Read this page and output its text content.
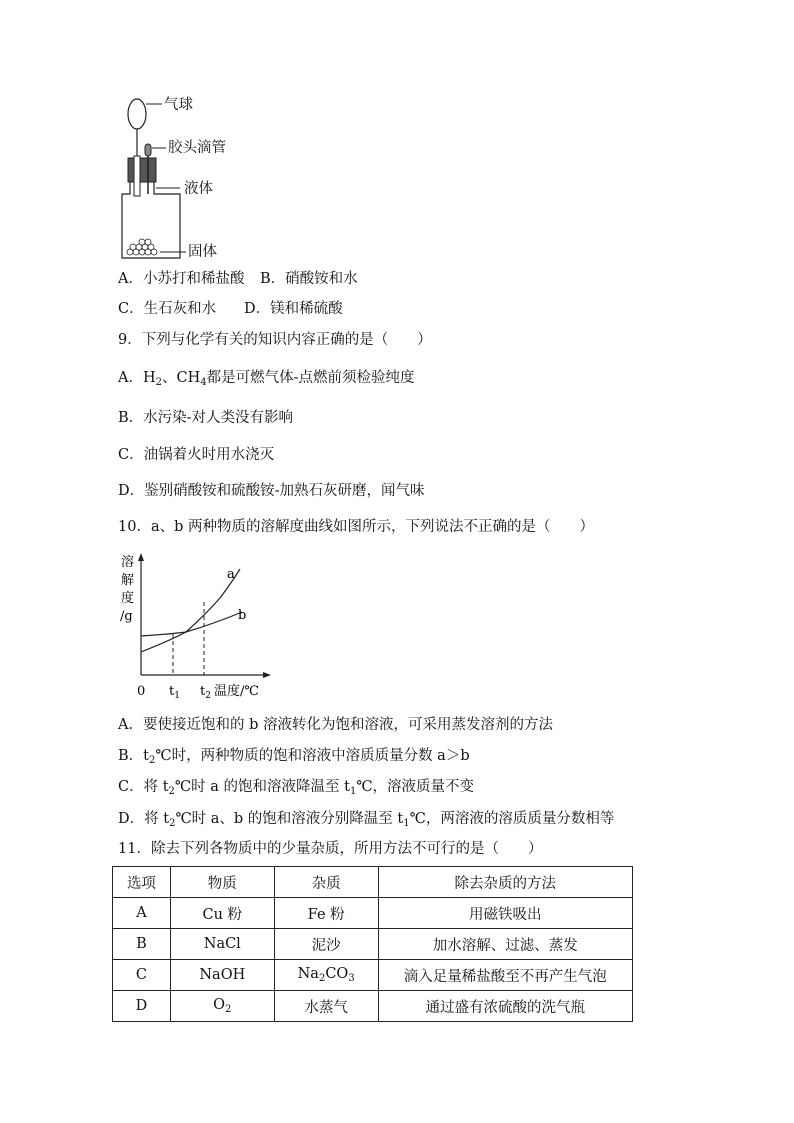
气球
胶头滴管
液体
固体
A．小苏打和稀盐酸 B．硝酸铵和水
C．生石灰和水 D．镁和稀硫酸
9．下列与化学有关的知识内容正确的是（　　）
A．$H_2$、$CH_4$都是可燃气体-点燃前须检验纯度
B．水污染-对人类没有影响
C．油锅着火时用水浇灭
D．鉴别硝酸铵和硫酸铵-加熟石灰研磨，闻气味
10．a、b 两种物质的溶解度曲线如图所示，下列说法不正确的是（　　）
溶
解
度
/g
a
b
0 $t_1$ $t_2$ 温度/℃
A．要使接近饱和的 b 溶液转化为饱和溶液，可采用蒸发溶剂的方法
B．$t_2℃$时，两种物质的饱和溶液中溶质质量分数 a＞b
C．将 $t_2℃$时 a 的饱和溶液降温至 $t_1℃$，溶液质量不变
D．将 $t_2℃$时 a、b 的饱和溶液分别降温至 $t_1℃$，两溶液的溶质质量分数相等
11．除去下列各物质中的少量杂质，所用方法不可行的是（　　）
选项	物质	杂质	除去杂质的方法
A	Cu 粉	Fe 粉	用磁铁吸出
B	NaCl	泥沙	加水溶解、过滤、蒸发
C	NaOH	$Na_2CO_3$	滴入足量稀盐酸至不再产生气泡
D	$O_2$	水蒸气	通过盛有浓硫酸的洗气瓶
